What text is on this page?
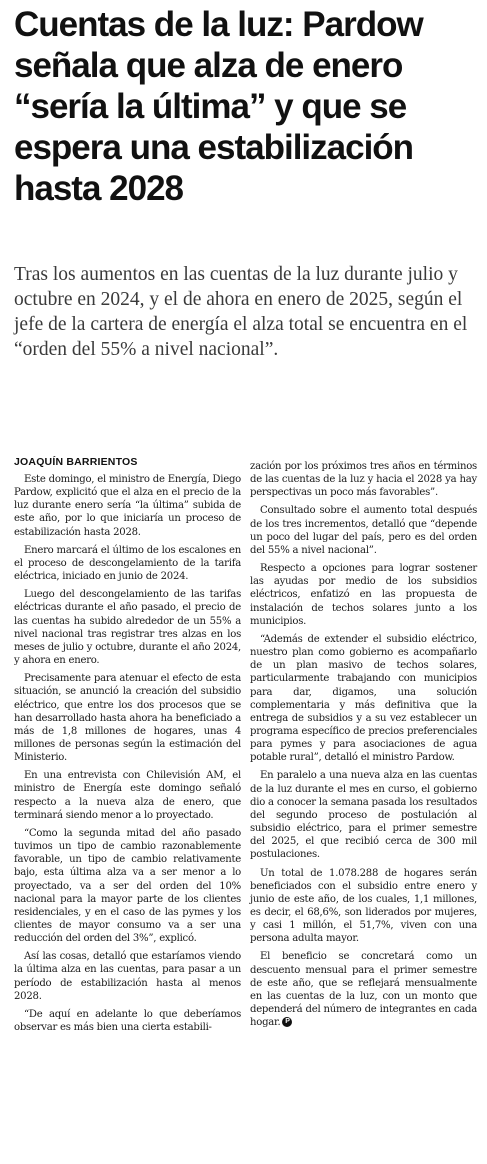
Cuentas de la luz: Pardow señala que alza de enero “sería la última” y que se espera una estabilización hasta 2028

Tras los aumentos en las cuentas de la luz durante julio y octubre en 2024, y el de ahora en enero de 2025, según el jefe de la cartera de energía el alza total se encuentra en el “orden del 55% a nivel nacional”.

JOAQUÍN BARRIENTOS

Este domingo, el ministro de Energía, Diego Pardow, explicitó que el alza en el precio de la luz durante enero sería “la última” subida de este año, por lo que iniciaría un proceso de estabilización hasta 2028.

Enero marcará el último de los escalones en el proceso de descongelamiento de la tarifa eléctrica, iniciado en junio de 2024.

Luego del descongelamiento de las tarifas eléctricas durante el año pasado, el precio de las cuentas ha subido alrededor de un 55% a nivel nacional tras registrar tres alzas en los meses de julio y octubre, durante el año 2024, y ahora en enero.

Precisamente para atenuar el efecto de esta situación, se anunció la creación del subsidio eléctrico, que entre los dos procesos que se han desarrollado hasta ahora ha beneficiado a más de 1,8 millones de hogares, unas 4 millones de personas según la estimación del Ministerio.

En una entrevista con Chilevisión AM, el ministro de Energía este domingo señaló respecto a la nueva alza de enero, que terminará siendo menor a lo proyectado.

“Como la segunda mitad del año pasado tuvimos un tipo de cambio razonablemente favorable, un tipo de cambio relativamente bajo, esta última alza va a ser menor a lo proyectado, va a ser del orden del 10% nacional para la mayor parte de los clientes residenciales, y en el caso de las pymes y los clientes de mayor consumo va a ser una reducción del orden del 3%”, explicó.

Así las cosas, detalló que estaríamos viendo la última alza en las cuentas, para pasar a un período de estabilización hasta al menos 2028.

“De aquí en adelante lo que deberíamos observar es más bien una cierta estabili-

zación por los próximos tres años en términos de las cuentas de la luz y hacia el 2028 ya hay perspectivas un poco más favorables”.

Consultado sobre el aumento total después de los tres incrementos, detalló que “depende un poco del lugar del país, pero es del orden del 55% a nivel nacional”.

Respecto a opciones para lograr sostener las ayudas por medio de los subsidios eléctricos, enfatizó en las propuesta de instalación de techos solares junto a los municipios.

“Además de extender el subsidio eléctrico, nuestro plan como gobierno es acompañarlo de un plan masivo de techos solares, particularmente trabajando con municipios para dar, digamos, una solución complementaria y más definitiva que la entrega de subsidios y a su vez establecer un programa específico de precios preferenciales para pymes y para asociaciones de agua potable rural”, detalló el ministro Pardow.

En paralelo a una nueva alza en las cuentas de la luz durante el mes en curso, el gobierno dio a conocer la semana pasada los resultados del segundo proceso de postulación al subsidio eléctrico, para el primer semestre del 2025, el que recibió cerca de 300 mil postulaciones.

Un total de 1.078.288 de hogares serán beneficiados con el subsidio entre enero y junio de este año, de los cuales, 1,1 millones, es decir, el 68,6%, son liderados por mujeres, y casi 1 millón, el 51,7%, viven con una persona adulta mayor.

El beneficio se concretará como un descuento mensual para el primer semestre de este año, que se reflejará mensualmente en las cuentas de la luz, con un monto que dependerá del número de integrantes en cada hogar. P
